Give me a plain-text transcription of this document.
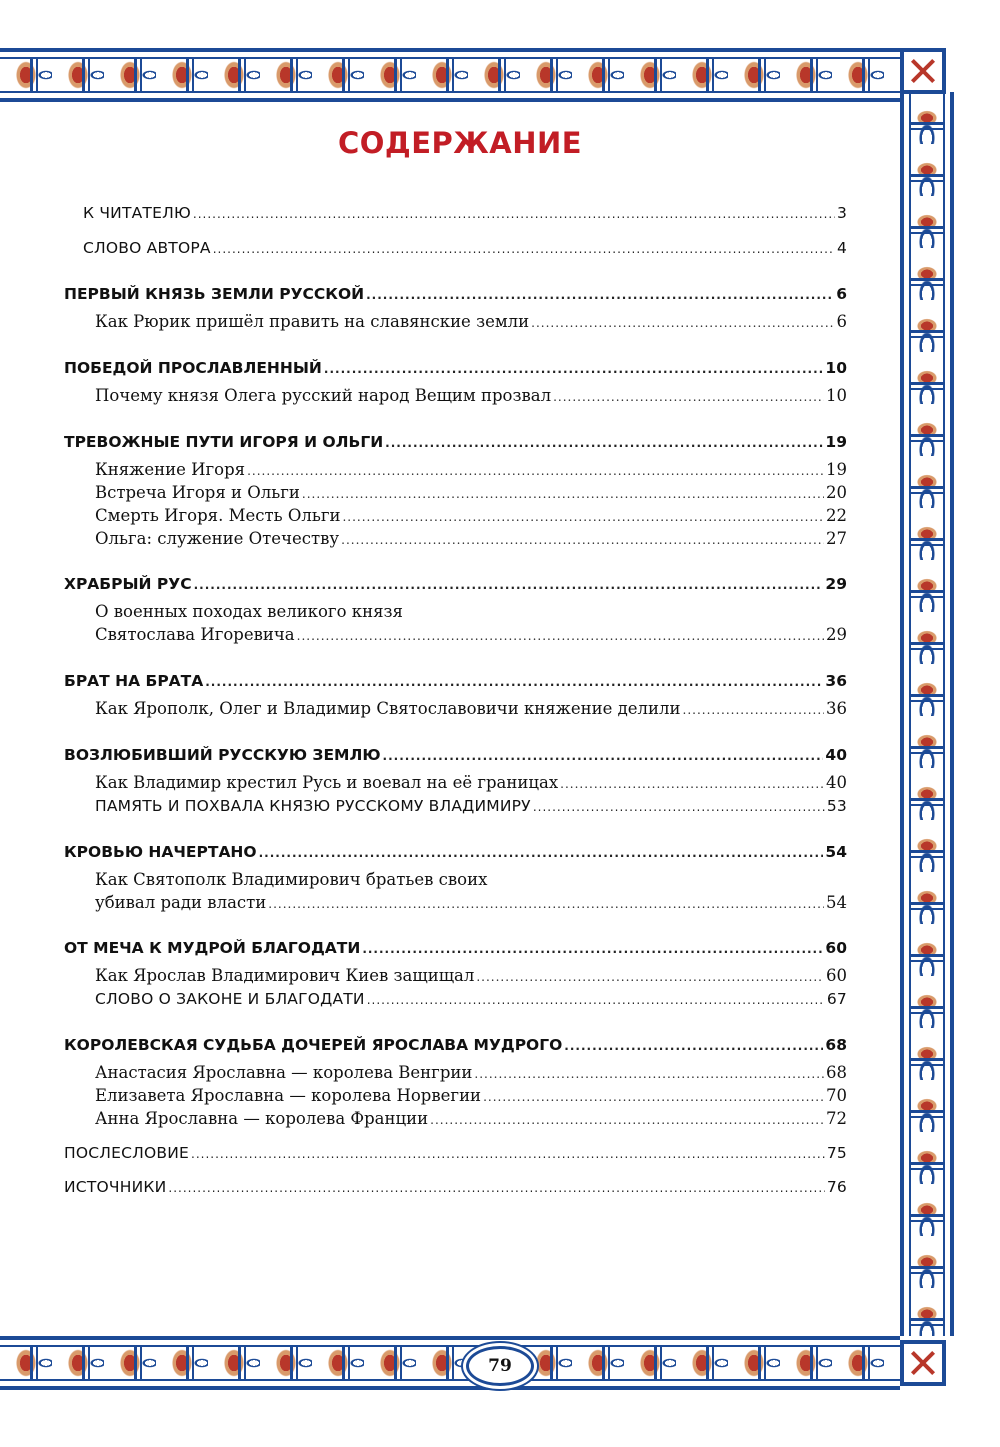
79
СОДЕРЖАНИЕ
К ЧИТАТЕЛЮ .....	3
СЛОВО АВТОРА .....	4
ПЕРВЫЙ КНЯЗЬ ЗЕМЛИ РУССКОЙ .....	6
Как Рюрик пришёл править на славянские земли .....	6
ПОБЕДОЙ ПРОСЛАВЛЕННЫЙ .....	10
Почему князя Олега русский народ Вещим прозвал .....	10
ТРЕВОЖНЫЕ ПУТИ ИГОРЯ И ОЛЬГИ .....	19
Княжение Игоря .....	19
Встреча Игоря и Ольги .....	20
Смерть Игоря. Месть Ольги .....	22
Ольга: служение Отечеству .....	27
ХРАБРЫЙ РУС .....	29
О военных походах великого князя
Святослава Игоревича .....	29
БРАТ НА БРАТА .....	36
Как Ярополк, Олег и Владимир Святославовичи княжение делили .....	36
ВОЗЛЮБИВШИЙ РУССКУЮ ЗЕМЛЮ .....	40
Как Владимир крестил Русь и воевал на её границах .....	40
ПАМЯТЬ И ПОХВАЛА КНЯЗЮ РУССКОМУ ВЛАДИМИРУ .....	53
КРОВЬЮ НАЧЕРТАНО .....	54
Как Святополк Владимирович братьев своих
убивал ради власти .....	54
ОТ МЕЧА К МУДРОЙ БЛАГОДАТИ .....	60
Как Ярослав Владимирович Киев защищал .....	60
СЛОВО О ЗАКОНЕ И БЛАГОДАТИ .....	67
КОРОЛЕВСКАЯ СУДЬБА ДОЧЕРЕЙ ЯРОСЛАВА МУДРОГО .....	68
Анастасия Ярославна — королева Венгрии .....	68
Елизавета Ярославна — королева Норвегии .....	70
Анна Ярославна — королева Франции .....	72
ПОСЛЕСЛОВИЕ .....	75
ИСТОЧНИКИ .....	76
